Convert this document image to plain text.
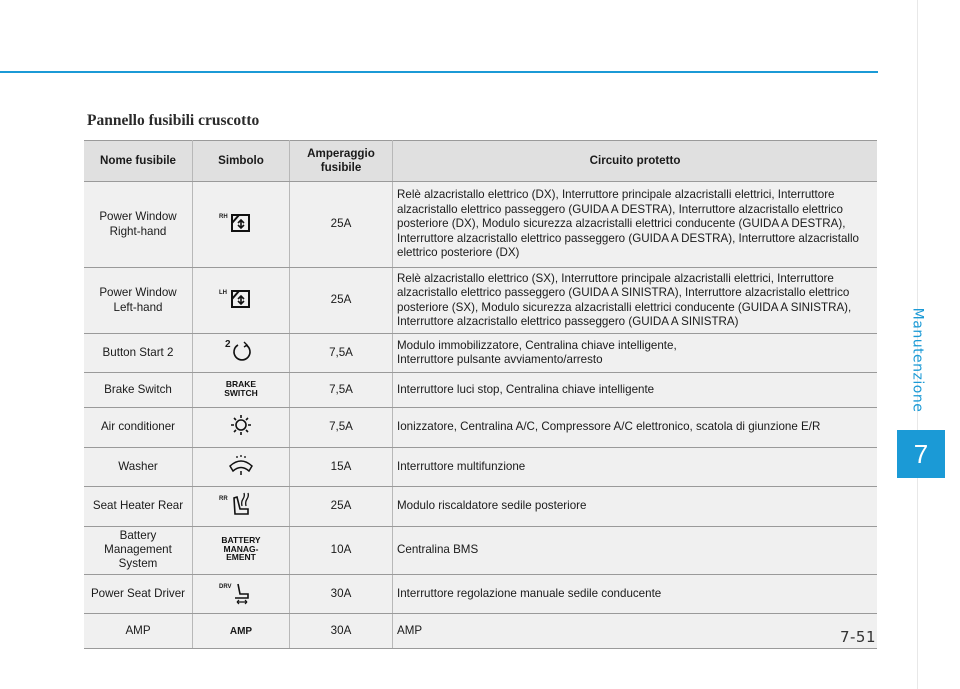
Manutenzione
7
Pannello fusibili cruscotto
Nome fusibile	Simbolo	Amperaggio fusibile	Circuito protetto
Power Window Right-hand	RH	25A	Relè alzacristallo elettrico (DX), Interruttore principale alzacristalli elettrici, Interruttore alzacristallo elettrico passeggero (GUIDA A DESTRA), Interruttore alzacristallo elettrico posteriore (DX), Modulo sicurezza alzacristalli elettrici conducente (GUIDA A DESTRA), Interruttore alzacristallo elettrico passeggero (GUIDA A DESTRA), Interruttore alzacristallo elettrico posteriore (DX)
Power Window Left-hand	LH	25A	Relè alzacristallo elettrico (SX), Interruttore principale alzacristalli elettrici, Interruttore alzacristallo elettrico passeggero (GUIDA A SINISTRA), Interruttore alzacristallo elettrico posteriore (SX), Modulo sicurezza alzacristalli elettrici conducente (GUIDA A SINISTRA), Interruttore alzacristallo elettrico passeggero (GUIDA A SINISTRA)
Button Start 2	2	7,5A	Modulo immobilizzatore, Centralina chiave intelligente, Interruttore pulsante avviamento/arresto

Brake Switch	BRAKE SWITCH	7,5A	Interruttore luci stop, Centralina chiave intelligente
Air conditioner		7,5A	Ionizzatore, Centralina A/C, Compressore A/C elettronico, scatola di giunzione E/R
Washer		15A	Interruttore multifunzione
Seat Heater Rear	RR	25A	Modulo riscaldatore sedile posteriore
Battery Management System	BATTERY MANAG-EMENT	10A	Centralina BMS
Power Seat Driver	DRV	30A	Interruttore regolazione manuale sedile conducente
AMP	AMP	30A	AMP	7-51
